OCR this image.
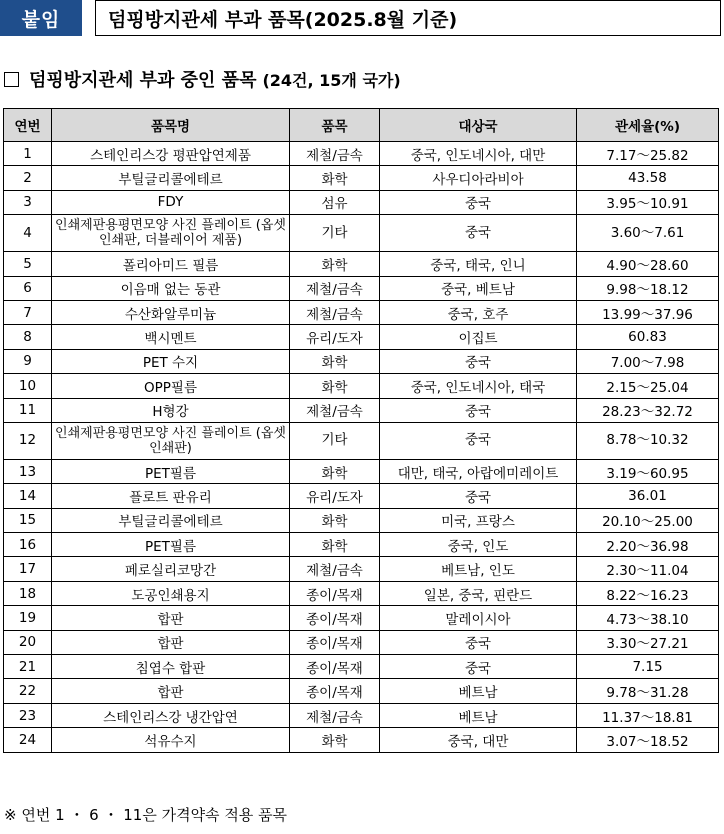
붙임	덤핑방지관세 부과 품목(2025.8월 기준)
덤핑방지관세 부과 중인 품목 (24건, 15개 국가)
연번	품목명	품목	대상국	관세율(%)
1	스테인리스강 평판압연제품	제철/금속	중국, 인도네시아, 대만	7.17～25.82
2	부틸글리콜에테르	화학	사우디아라비아	43.58
3	FDY	섬유	중국	3.95～10.91
4	인쇄제판용평면모양 사진 플레이트 (옵셋 인쇄판, 더블레이어 제품)	기타	중국	3.60～7.61
5	폴리아미드 필름	화학	중국, 태국, 인니	4.90～28.60
6	이음매 없는 동관	제철/금속	중국, 베트남	9.98～18.12
7	수산화알루미늄	제철/금속	중국, 호주	13.99～37.96
8	백시멘트	유리/도자	이집트	60.83
9	PET 수지	화학	중국	7.00～7.98
10	OPP필름	화학	중국, 인도네시아, 태국	2.15～25.04
11	H형강	제철/금속	중국	28.23～32.72
12	인쇄제판용평면모양 사진 플레이트 (옵셋 인쇄판)	기타	중국	8.78～10.32
13	PET필름	화학	대만, 태국, 아랍에미레이트	3.19～60.95
14	플로트 판유리	유리/도자	중국	36.01
15	부틸글리콜에테르	화학	미국, 프랑스	20.10～25.00
16	PET필름	화학	중국, 인도	2.20～36.98
17	페로실리코망간	제철/금속	베트남, 인도	2.30～11.04
18	도공인쇄용지	종이/목재	일본, 중국, 핀란드	8.22～16.23
19	합판	종이/목재	말레이시아	4.73～38.10
20	합판	종이/목재	중국	3.30～27.21
21	침엽수 합판	종이/목재	중국	7.15
22	합판	종이/목재	베트남	9.78～31.28
23	스테인리스강 냉간압연	제철/금속	베트남	11.37～18.81
24	석유수지	화학	중국, 대만	3.07～18.52
※ 연번 1 ・ 6 ・ 11은 가격약속 적용 품목
